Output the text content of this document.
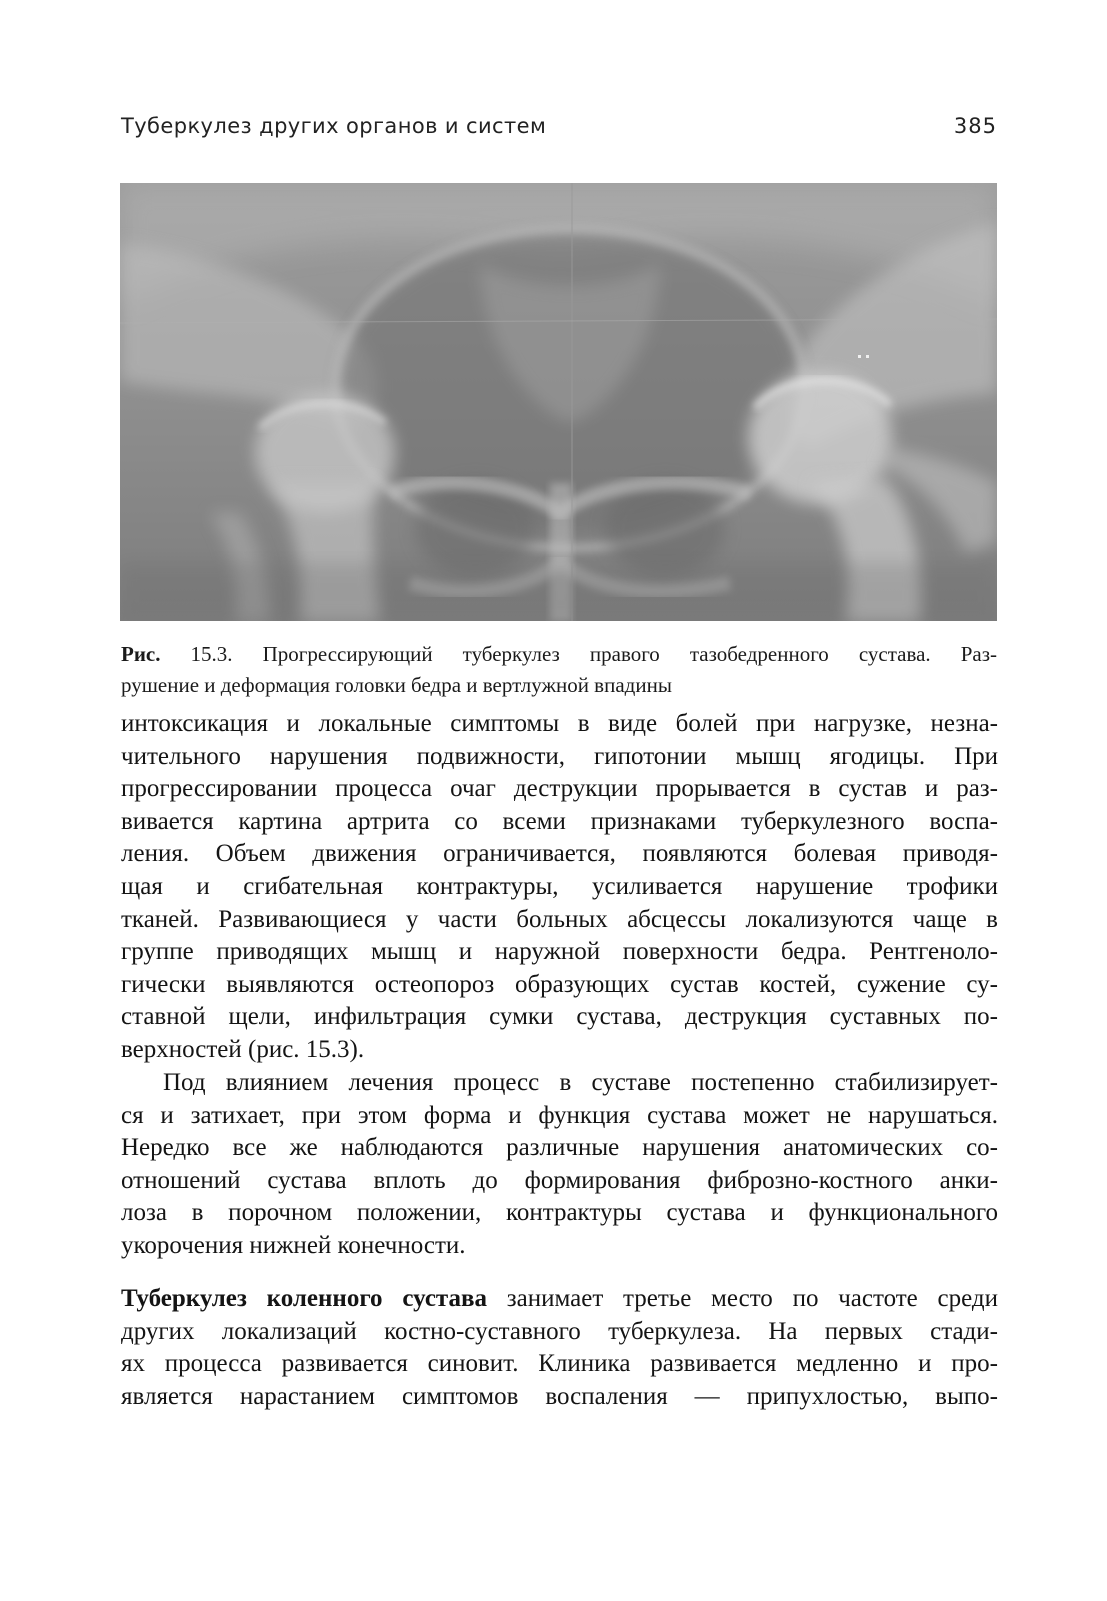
Туберкулез других органов и систем	385
Рис. 15.3. Прогрессирующий туберкулез правого тазобедренного сустава. Раз-
рушение и деформация головки бедра и вертлужной впадины
интоксикация и локальные симптомы в виде болей при нагрузке, незна-
чительного нарушения подвижности, гипотонии мышц ягодицы. При
прогрессировании процесса очаг деструкции прорывается в сустав и раз-
вивается картина артрита со всеми признаками туберкулезного воспа-
ления. Объем движения ограничивается, появляются болевая приводя-
щая и сгибательная контрактуры, усиливается нарушение трофики
тканей. Развивающиеся у части больных абсцессы локализуются чаще в
группе приводящих мышц и наружной поверхности бедра. Рентгеноло-
гически выявляются остеопороз образующих сустав костей, сужение су-
ставной щели, инфильтрация сумки сустава, деструкция суставных по-
верхностей (рис. 15.3).
Под влиянием лечения процесс в суставе постепенно стабилизирует-
ся и затихает, при этом форма и функция сустава может не нарушаться.
Нередко все же наблюдаются различные нарушения анатомических со-
отношений сустава вплоть до формирования фиброзно-костного анки-
лоза в порочном положении, контрактуры сустава и функционального
укорочения нижней конечности.
Туберкулез коленного сустава занимает третье место по частоте среди
других локализаций костно-суставного туберкулеза. На первых стади-
ях процесса развивается синовит. Клиника развивается медленно и про-
является нарастанием симптомов воспаления — припухлостью, выпо-
